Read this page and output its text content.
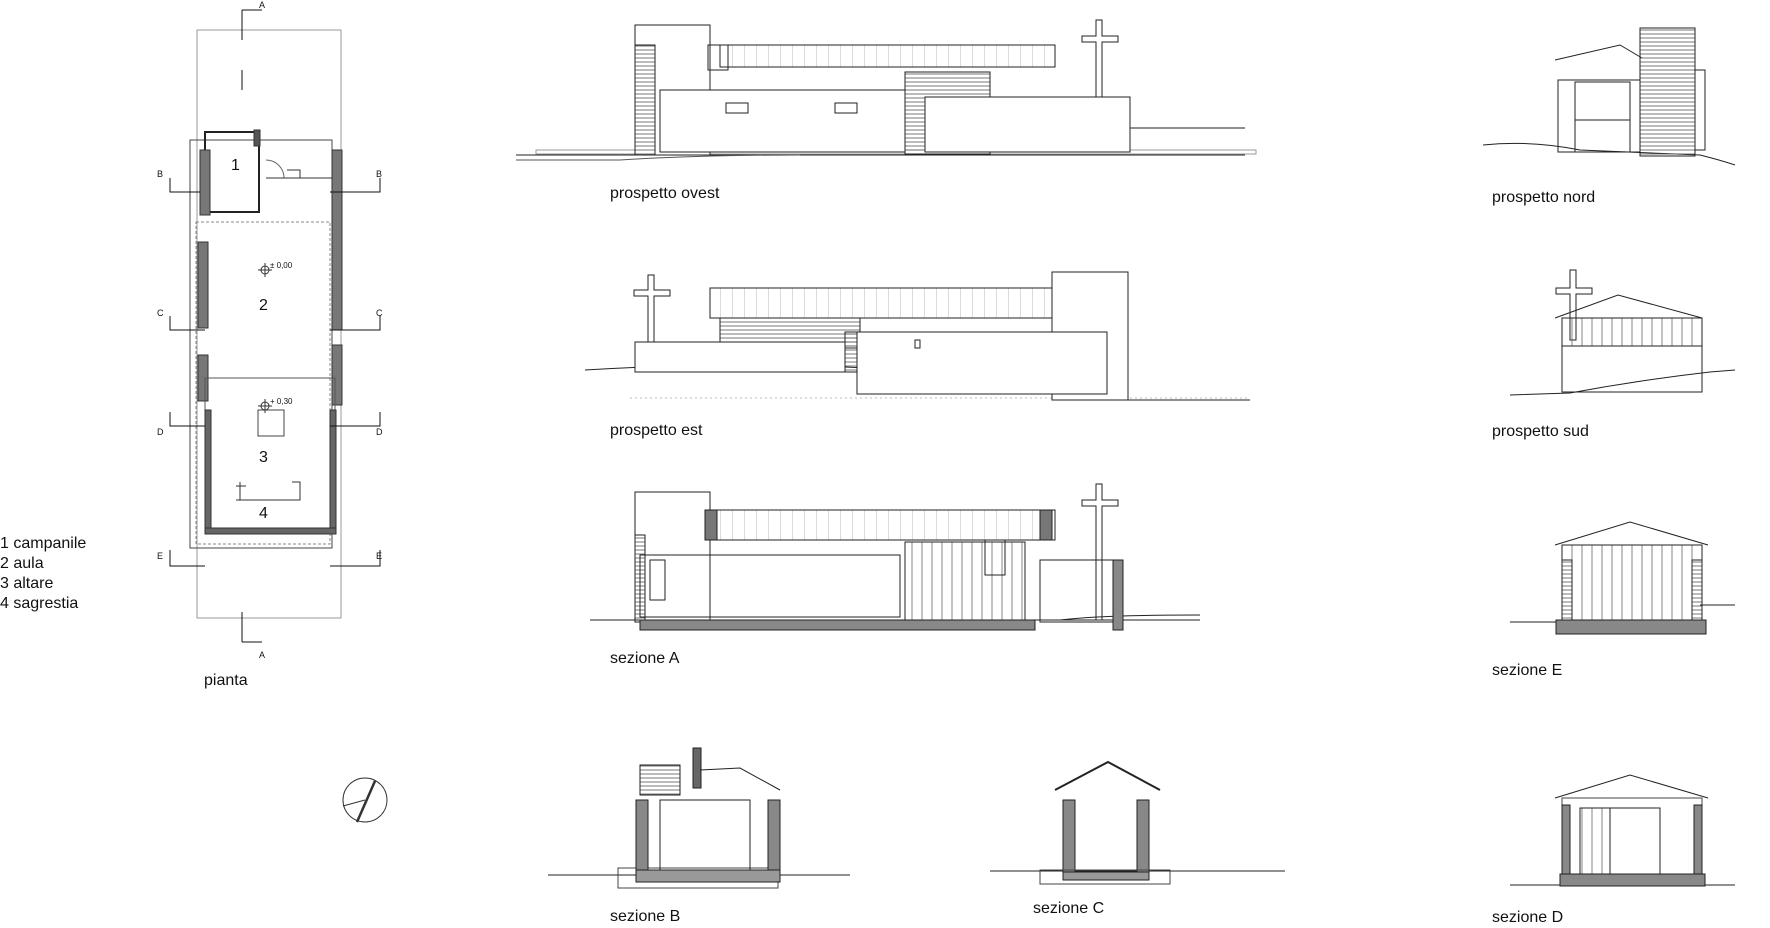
1
2
3
4
± 0,00
+ 0,30
A
A
B	B
C	C
D	D
E	E
prospetto ovest
prospetto est
sezione A
sezione B	sezione C
prospetto nord
prospetto sud
sezione E
sezione D
pianta
1 campanile
2 aula
3 altare
4 sagrestia
